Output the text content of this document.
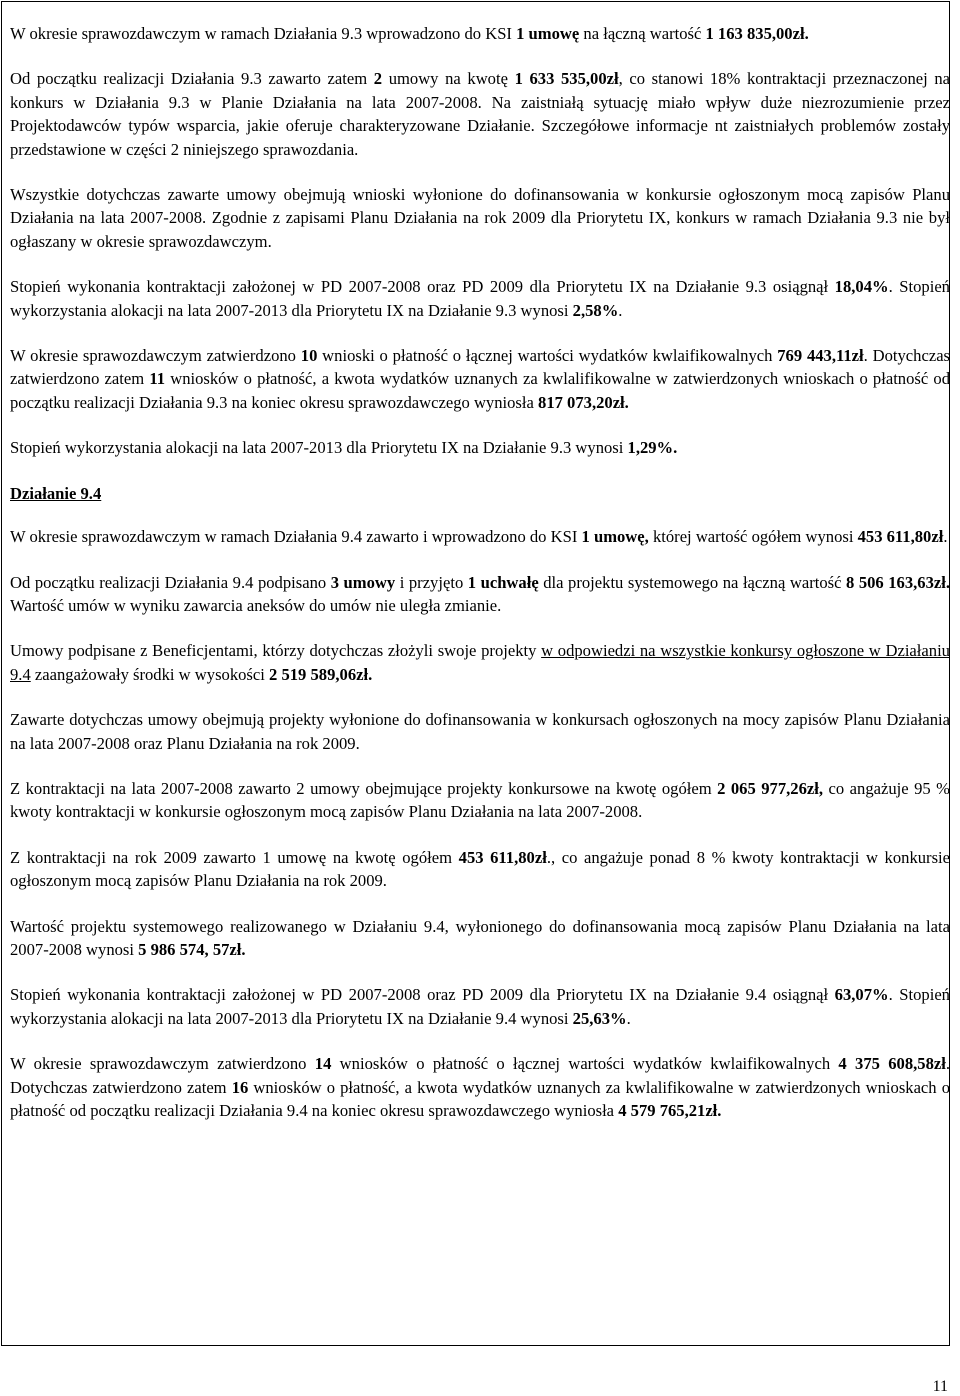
W okresie sprawozdawczym w ramach Działania 9.3 wprowadzono do KSI 1 umowę na łączną wartość 1 163 835,00zł.

Od początku realizacji Działania 9.3 zawarto zatem 2 umowy na kwotę 1 633 535,00zł, co stanowi 18% kontraktacji przeznaczonej na konkurs w Działania 9.3 w Planie Działania na lata 2007-2008. Na zaistniałą sytuację miało wpływ duże niezrozumienie przez Projektodawców typów wsparcia, jakie oferuje charakteryzowane Działanie. Szczegółowe informacje nt zaistniałych problemów zostały przedstawione w części 2 niniejszego sprawozdania.

Wszystkie dotychczas zawarte umowy obejmują wnioski wyłonione do dofinansowania w konkursie ogłoszonym mocą zapisów Planu Działania na lata 2007-2008. Zgodnie z zapisami Planu Działania na rok 2009 dla Priorytetu IX, konkurs w ramach Działania 9.3 nie był ogłaszany w okresie sprawozdawczym.

Stopień wykonania kontraktacji założonej w PD 2007-2008 oraz PD 2009 dla Priorytetu IX na Działanie 9.3 osiągnął 18,04%. Stopień wykorzystania alokacji na lata 2007-2013 dla Priorytetu IX na Działanie 9.3 wynosi 2,58%.

W okresie sprawozdawczym zatwierdzono 10 wnioski o płatność o łącznej wartości wydatków kwlaifikowalnych 769 443,11zł. Dotychczas zatwierdzono zatem 11 wniosków o płatność, a kwota wydatków uznanych za kwlalifikowalne w zatwierdzonych wnioskach o płatność od początku realizacji Działania 9.3 na koniec okresu sprawozdawczego wyniosła 817 073,20zł.

Stopień wykorzystania alokacji na lata 2007-2013 dla Priorytetu IX na Działanie 9.3 wynosi 1,29%.

Działanie 9.4

W okresie sprawozdawczym w ramach Działania 9.4 zawarto i wprowadzono do KSI 1 umowę, której wartość ogółem wynosi 453 611,80zł.

Od początku realizacji Działania 9.4 podpisano 3 umowy i przyjęto 1 uchwałę dla projektu systemowego na łączną wartość 8 506 163,63zł. Wartość umów w wyniku zawarcia aneksów do umów nie uległa zmianie.

Umowy podpisane z Beneficjentami, którzy dotychczas złożyli swoje projekty w odpowiedzi na wszystkie konkursy ogłoszone w Działaniu 9.4 zaangażowały środki w wysokości 2 519 589,06zł.

Zawarte dotychczas umowy obejmują projekty wyłonione do dofinansowania w konkursach ogłoszonych na mocy zapisów Planu Działania na lata 2007-2008 oraz Planu Działania na rok 2009.

Z kontraktacji na lata 2007-2008 zawarto 2 umowy obejmujące projekty konkursowe na kwotę ogółem 2 065 977,26zł, co angażuje 95 % kwoty kontraktacji w konkursie ogłoszonym mocą zapisów Planu Działania na lata 2007-2008.

Z kontraktacji na rok 2009 zawarto 1 umowę na kwotę ogółem 453 611,80zł., co angażuje ponad 8 % kwoty kontraktacji w konkursie ogłoszonym mocą zapisów Planu Działania na rok 2009.

Wartość projektu systemowego realizowanego w Działaniu 9.4, wyłonionego do dofinansowania mocą zapisów Planu Działania na lata 2007-2008 wynosi 5 986 574, 57zł.

Stopień wykonania kontraktacji założonej w PD 2007-2008 oraz PD 2009 dla Priorytetu IX na Działanie 9.4 osiągnął 63,07%. Stopień wykorzystania alokacji na lata 2007-2013 dla Priorytetu IX na Działanie 9.4 wynosi 25,63%.

W okresie sprawozdawczym zatwierdzono 14 wniosków o płatność o łącznej wartości wydatków kwlaifikowalnych 4 375 608,58zł. Dotychczas zatwierdzono zatem 16 wniosków o płatność, a kwota wydatków uznanych za kwlalifikowalne w zatwierdzonych wnioskach o płatność od początku realizacji Działania 9.4 na koniec okresu sprawozdawczego wyniosła 4 579 765,21zł.

11
